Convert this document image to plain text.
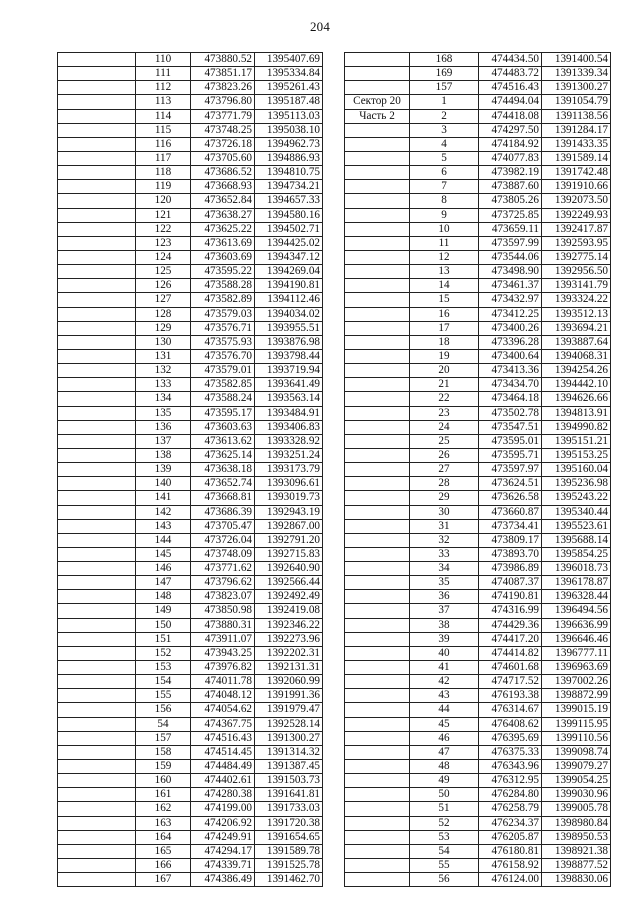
204
	110	473880.52	1395407.69
	111	473851.17	1395334.84
	112	473823.26	1395261.43
	113	473796.80	1395187.48
	114	473771.79	1395113.03
	115	473748.25	1395038.10
	116	473726.18	1394962.73
	117	473705.60	1394886.93
	118	473686.52	1394810.75
	119	473668.93	1394734.21
	120	473652.84	1394657.33
	121	473638.27	1394580.16
	122	473625.22	1394502.71
	123	473613.69	1394425.02
	124	473603.69	1394347.12
	125	473595.22	1394269.04
	126	473588.28	1394190.81
	127	473582.89	1394112.46
	128	473579.03	1394034.02
	129	473576.71	1393955.51
	130	473575.93	1393876.98
	131	473576.70	1393798.44
	132	473579.01	1393719.94
	133	473582.85	1393641.49
	134	473588.24	1393563.14
	135	473595.17	1393484.91
	136	473603.63	1393406.83
	137	473613.62	1393328.92
	138	473625.14	1393251.24
	139	473638.18	1393173.79
	140	473652.74	1393096.61
	141	473668.81	1393019.73
	142	473686.39	1392943.19
	143	473705.47	1392867.00
	144	473726.04	1392791.20
	145	473748.09	1392715.83
	146	473771.62	1392640.90
	147	473796.62	1392566.44
	148	473823.07	1392492.49
	149	473850.98	1392419.08
	150	473880.31	1392346.22
	151	473911.07	1392273.96
	152	473943.25	1392202.31
	153	473976.82	1392131.31
	154	474011.78	1392060.99
	155	474048.12	1391991.36
	156	474054.62	1391979.47
	54	474367.75	1392528.14
	157	474516.43	1391300.27
	158	474514.45	1391314.32
	159	474484.49	1391387.45
	160	474402.61	1391503.73
	161	474280.38	1391641.81
	162	474199.00	1391733.03
	163	474206.92	1391720.38
	164	474249.91	1391654.65
	165	474294.17	1391589.78
	166	474339.71	1391525.78
	167	474386.49	1391462.70
	168	474434.50	1391400.54
	169	474483.72	1391339.34
	157	474516.43	1391300.27
Сектор 20	1	474494.04	1391054.79
Часть 2	2	474418.08	1391138.56
	3	474297.50	1391284.17
	4	474184.92	1391433.35
	5	474077.83	1391589.14
	6	473982.19	1391742.48
	7	473887.60	1391910.66
	8	473805.26	1392073.50
	9	473725.85	1392249.93
	10	473659.11	1392417.87
	11	473597.99	1392593.95
	12	473544.06	1392775.14
	13	473498.90	1392956.50
	14	473461.37	1393141.79
	15	473432.97	1393324.22
	16	473412.25	1393512.13
	17	473400.26	1393694.21
	18	473396.28	1393887.64
	19	473400.64	1394068.31
	20	473413.36	1394254.26
	21	473434.70	1394442.10
	22	473464.18	1394626.66
	23	473502.78	1394813.91
	24	473547.51	1394990.82
	25	473595.01	1395151.21
	26	473595.71	1395153.25
	27	473597.97	1395160.04
	28	473624.51	1395236.98
	29	473626.58	1395243.22
	30	473660.87	1395340.44
	31	473734.41	1395523.61
	32	473809.17	1395688.14
	33	473893.70	1395854.25
	34	473986.89	1396018.73
	35	474087.37	1396178.87
	36	474190.81	1396328.44
	37	474316.99	1396494.56
	38	474429.36	1396636.99
	39	474417.20	1396646.46
	40	474414.82	1396777.11
	41	474601.68	1396963.69
	42	474717.52	1397002.26
	43	476193.38	1398872.99
	44	476314.67	1399015.19
	45	476408.62	1399115.95
	46	476395.69	1399110.56
	47	476375.33	1399098.74
	48	476343.96	1399079.27
	49	476312.95	1399054.25
	50	476284.80	1399030.96
	51	476258.79	1399005.78
	52	476234.37	1398980.84
	53	476205.87	1398950.53
	54	476180.81	1398921.38
	55	476158.92	1398877.52
	56	476124.00	1398830.06
